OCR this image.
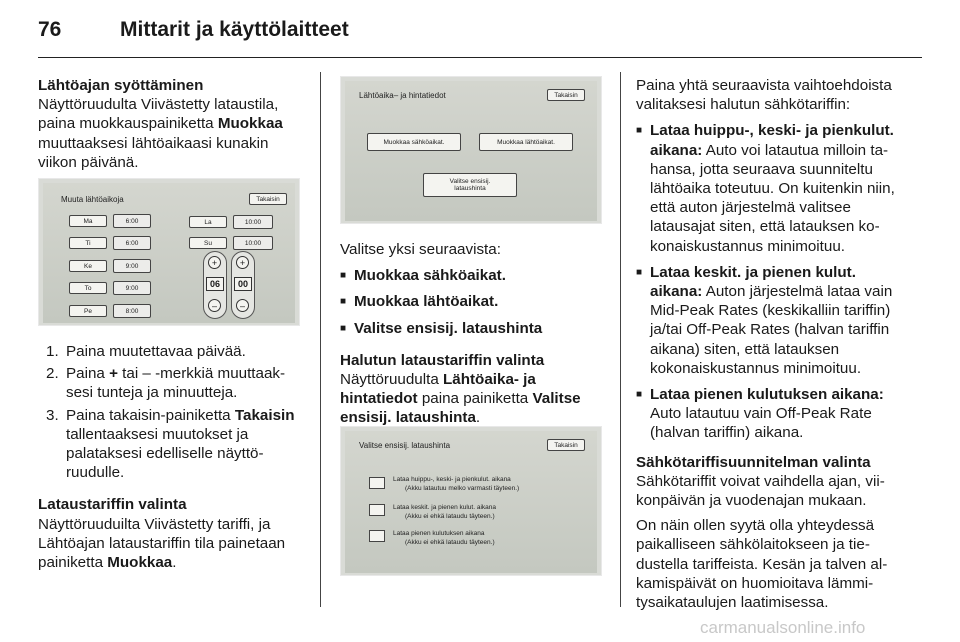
76	Mittarit ja käyttölaitteet

Lähtöajan syöttäminen

Näyttöruudulta Viivästetty lataustila, paina muokkauspainiketta Muokkaa muuttaaksesi lähtöaikaasi kunakin viikon päivänä.

Muuta lähtöaikoja	Takaisin
Ma	6:00
Ti	6:00
Ke	9:00
To	9:00
Pe	8:00
La	10:00
Su	10:00
+
06
–
+
00
–
1. Paina muutettavaa päivää.
2. Paina + tai – -merkkiä muuttaaksesi tunteja ja minuutteja.
3. Paina takaisin-painiketta Takaisin tallentaaksesi muutokset ja palataksesi edelliselle näyttöruudulle.

Lataustariffin valinta

Näyttöruuduilta Viivästetty tariffi, ja Lähtöajan lataustariffin tila painetaan painiketta Muokkaa.

Lähtöaika– ja hintatiedot	Takaisin
Muokkaa sähköaikat.	Muokkaa lähtöaikat.
Valitse ensisij.
lataushinta

Valitse yksi seuraavista:

■ Muokkaa sähköaikat.
■ Muokkaa lähtöaikat.
■ Valitse ensisij. lataushinta

Halutun lataustariffin valinta

Näyttöruudulta Lähtöaika- ja hintatiedot paina painiketta Valitse ensisij. lataushinta.

Valitse ensisij. lataushinta	Takaisin
Lataa huippu-, keski- ja pienkulut. aikana
(Akku latautuu melko varmasti täyteen.)
Lataa keskit. ja pienen kulut. aikana
(Akku ei ehkä lataudu täyteen.)
Lataa pienen kulutuksen aikana
(Akku ei ehkä lataudu täyteen.)

Paina yhtä seuraavista vaihtoehdoista valitaksesi halutun sähkötariffin:

■ Lataa huippu-, keski- ja pienkulut. aikana: Auto voi latautua milloin tahansa, jotta seuraava suunniteltu lähtöaika toteutuu. On kuitenkin niin, että auton järjestelmä valitsee latausajat siten, että latauksen kokonaiskustannus minimoituu.
■ Lataa keskit. ja pienen kulut. aikana: Auton järjestelmä lataa vain Mid-Peak Rates (keskikalliin tariffin) ja/tai Off-Peak Rates (halvan tariffin aikana) siten, että latauksen kokonaiskustannus minimoituu.
■ Lataa pienen kulutuksen aikana: Auto latautuu vain Off-Peak Rate (halvan tariffin) aikana.

Sähkötariffisuunnitelman valinta

Sähkötariffit voivat vaihdella ajan, viikonpäivän ja vuodenajan mukaan.

On näin ollen syytä olla yhteydessä paikalliseen sähkölaitokseen ja tiedustella tariffeista. Kesän ja talven alkamispäivät on huomioitava lämmitysaikataulujen laatimisessa.

carmanualsonline.info
